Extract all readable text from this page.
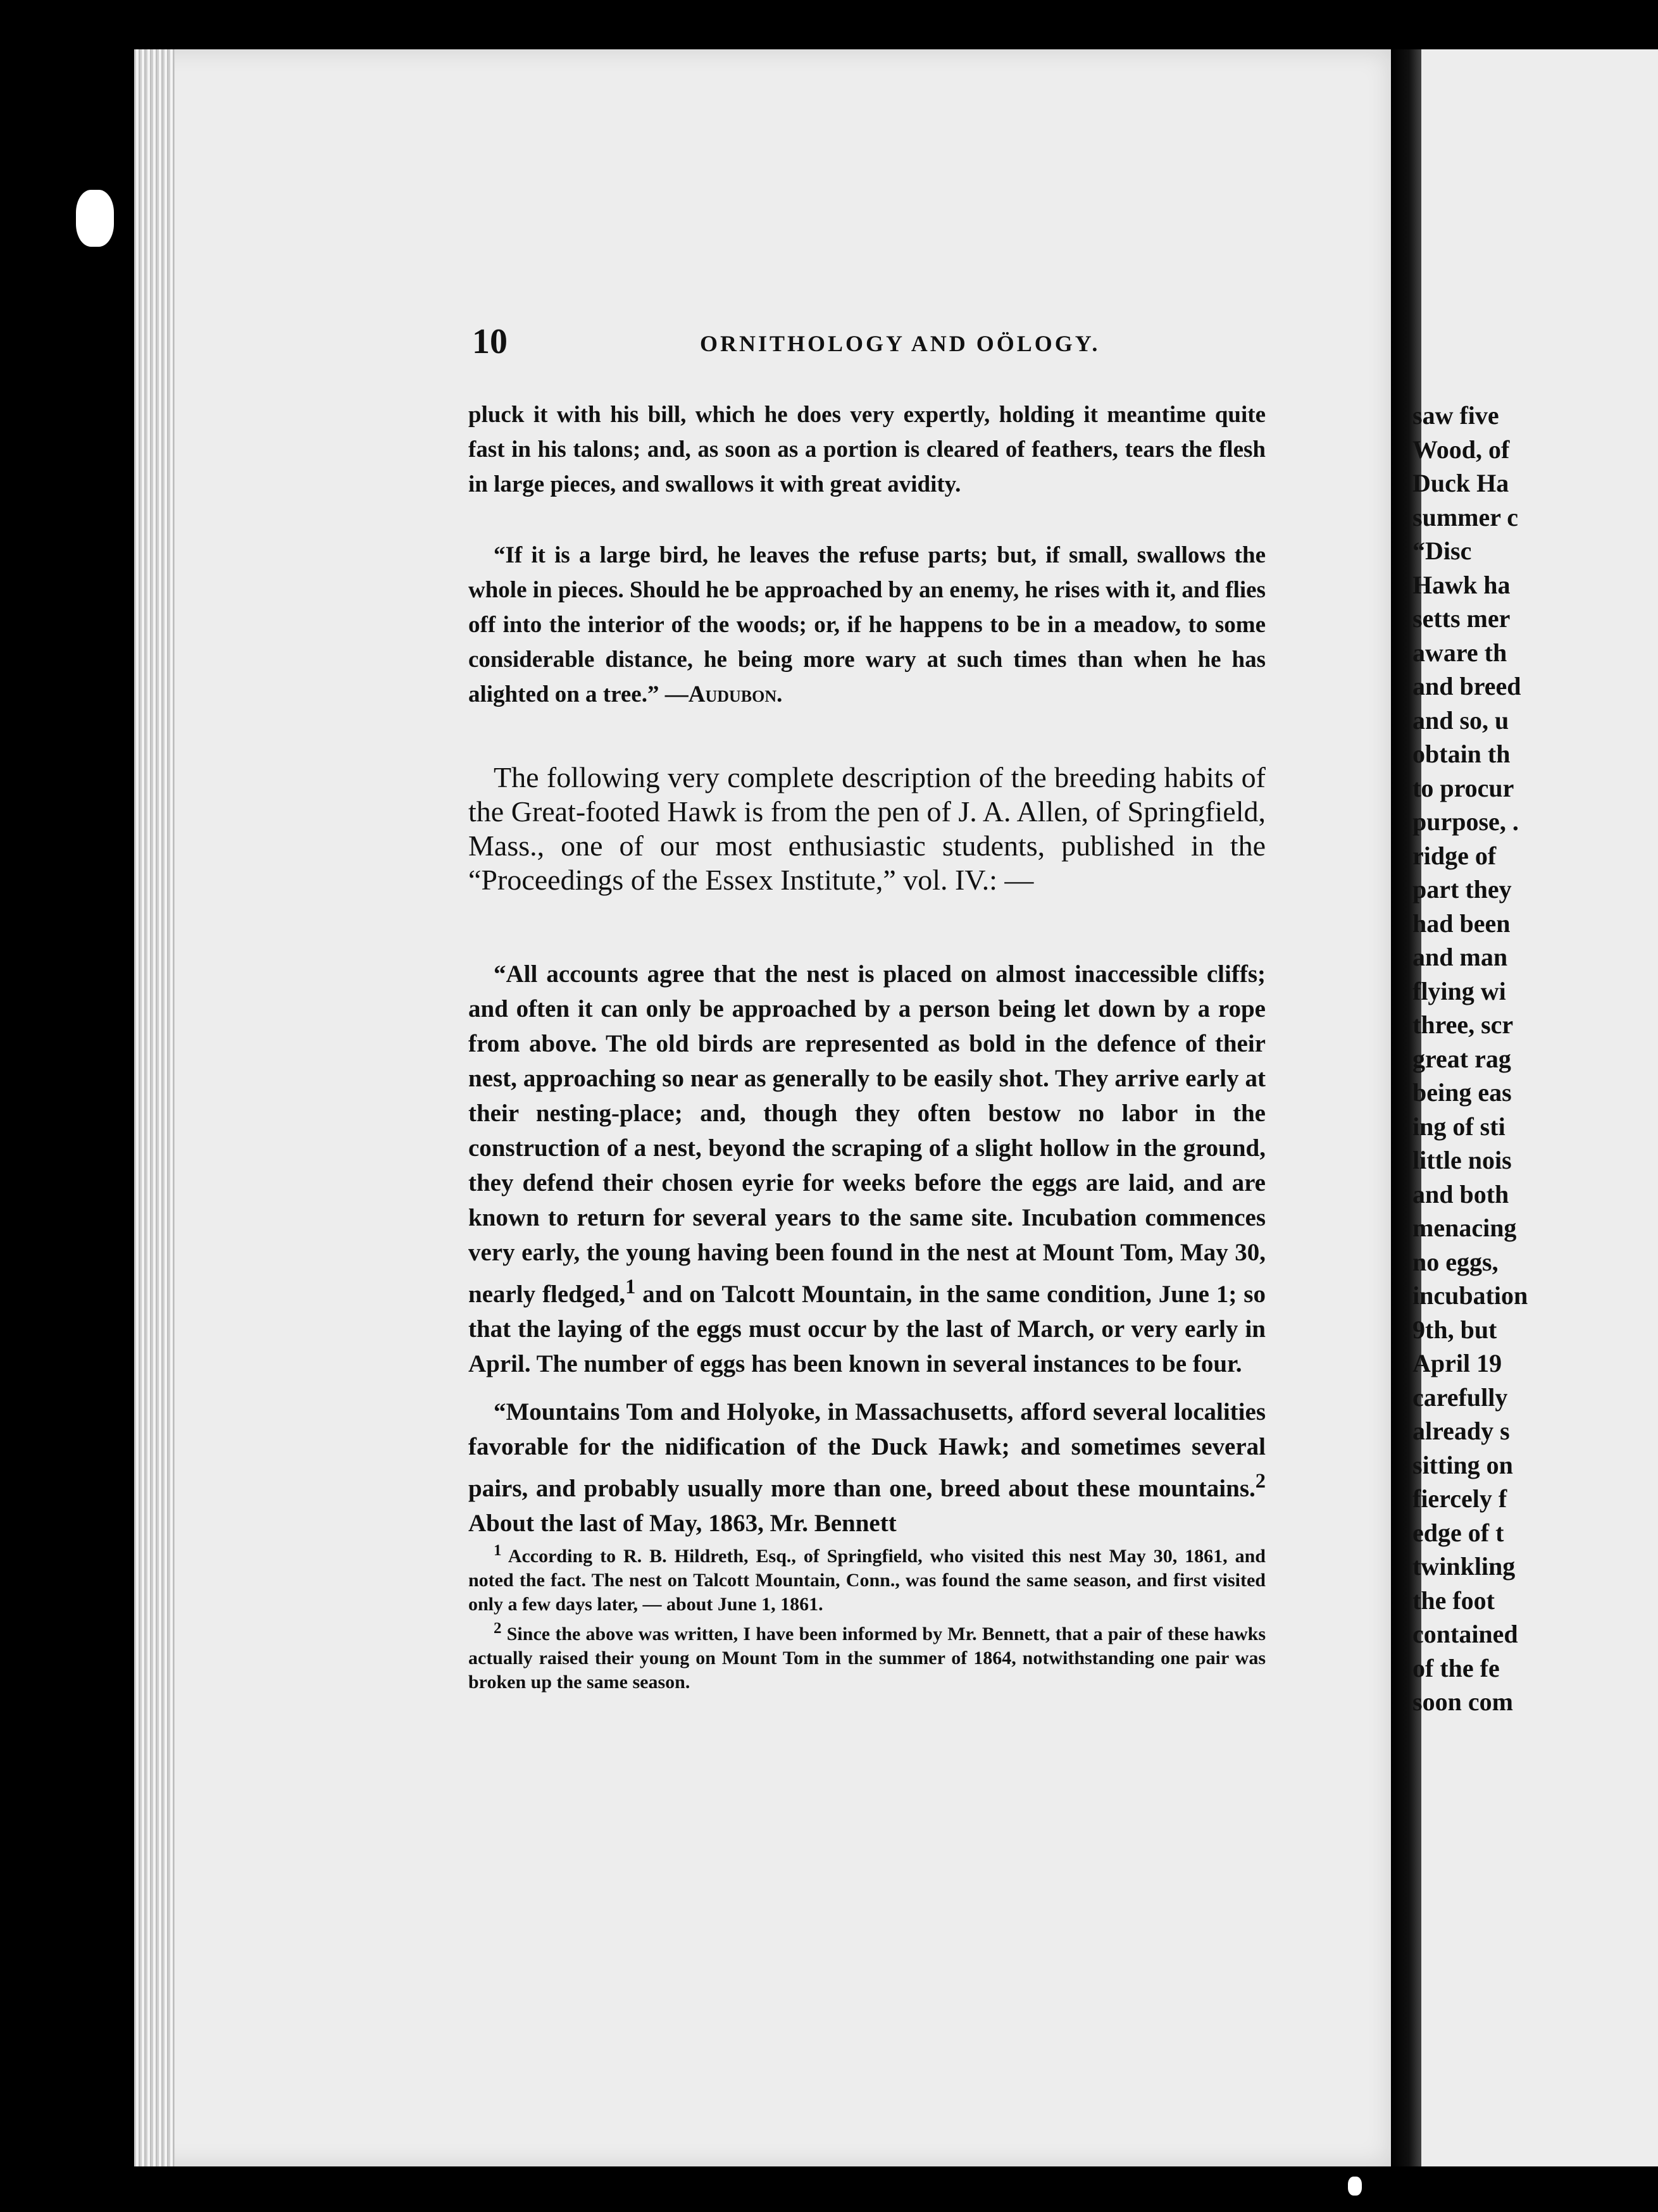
10	ORNITHOLOGY AND OÖLOGY.

pluck it with his bill, which he does very expertly, holding it meantime quite fast in his talons; and, as soon as a portion is cleared of feathers, tears the flesh in large pieces, and swallows it with great avidity.

“If it is a large bird, he leaves the refuse parts; but, if small, swallows the whole in pieces. Should he be approached by an enemy, he rises with it, and flies off into the interior of the woods; or, if he happens to be in a meadow, to some considerable distance, he being more wary at such times than when he has alighted on a tree.” —Audubon.

The following very complete description of the breeding habits of the Great-footed Hawk is from the pen of J. A. Allen, of Springfield, Mass., one of our most enthusiastic students, published in the “Proceedings of the Essex Institute,” vol. IV.: —

“All accounts agree that the nest is placed on almost inaccessible cliffs; and often it can only be approached by a person being let down by a rope from above. The old birds are represented as bold in the defence of their nest, approaching so near as generally to be easily shot. They arrive early at their nesting-place; and, though they often bestow no labor in the construction of a nest, beyond the scraping of a slight hollow in the ground, they defend their chosen eyrie for weeks before the eggs are laid, and are known to return for several years to the same site. Incubation commences very early, the young having been found in the nest at Mount Tom, May 30, nearly fledged,$^1$ and on Talcott Mountain, in the same condition, June 1; so that the laying of the eggs must occur by the last of March, or very early in April. The number of eggs has been known in several instances to be four.

“Mountains Tom and Holyoke, in Massachusetts, afford several localities favorable for the nidification of the Duck Hawk; and sometimes several pairs, and probably usually more than one, breed about these mountains.$^2$ About the last of May, 1863, Mr. Bennett

$^1$ According to R. B. Hildreth, Esq., of Springfield, who visited this nest May 30, 1861, and noted the fact. The nest on Talcott Mountain, Conn., was found the same season, and first visited only a few days later, — about June 1, 1861.

$^2$ Since the above was written, I have been informed by Mr. Bennett, that a pair of these hawks actually raised their young on Mount Tom in the summer of 1864, notwithstanding one pair was broken up the same season.

saw five
Wood, of
Duck Ha
summer c
“Disc
Hawk ha
setts mer
aware th
and breed
and so, u
obtain th
to procur
purpose, .
ridge of
part they
had been
and man
flying wi
three, scr
great rag
being eas
ing of sti
little nois
and both
menacing
no eggs,
incubation
9th, but
April 19
carefully
already s
sitting on
fiercely f
edge of t
twinkling
the foot
contained
of the fe
soon com
